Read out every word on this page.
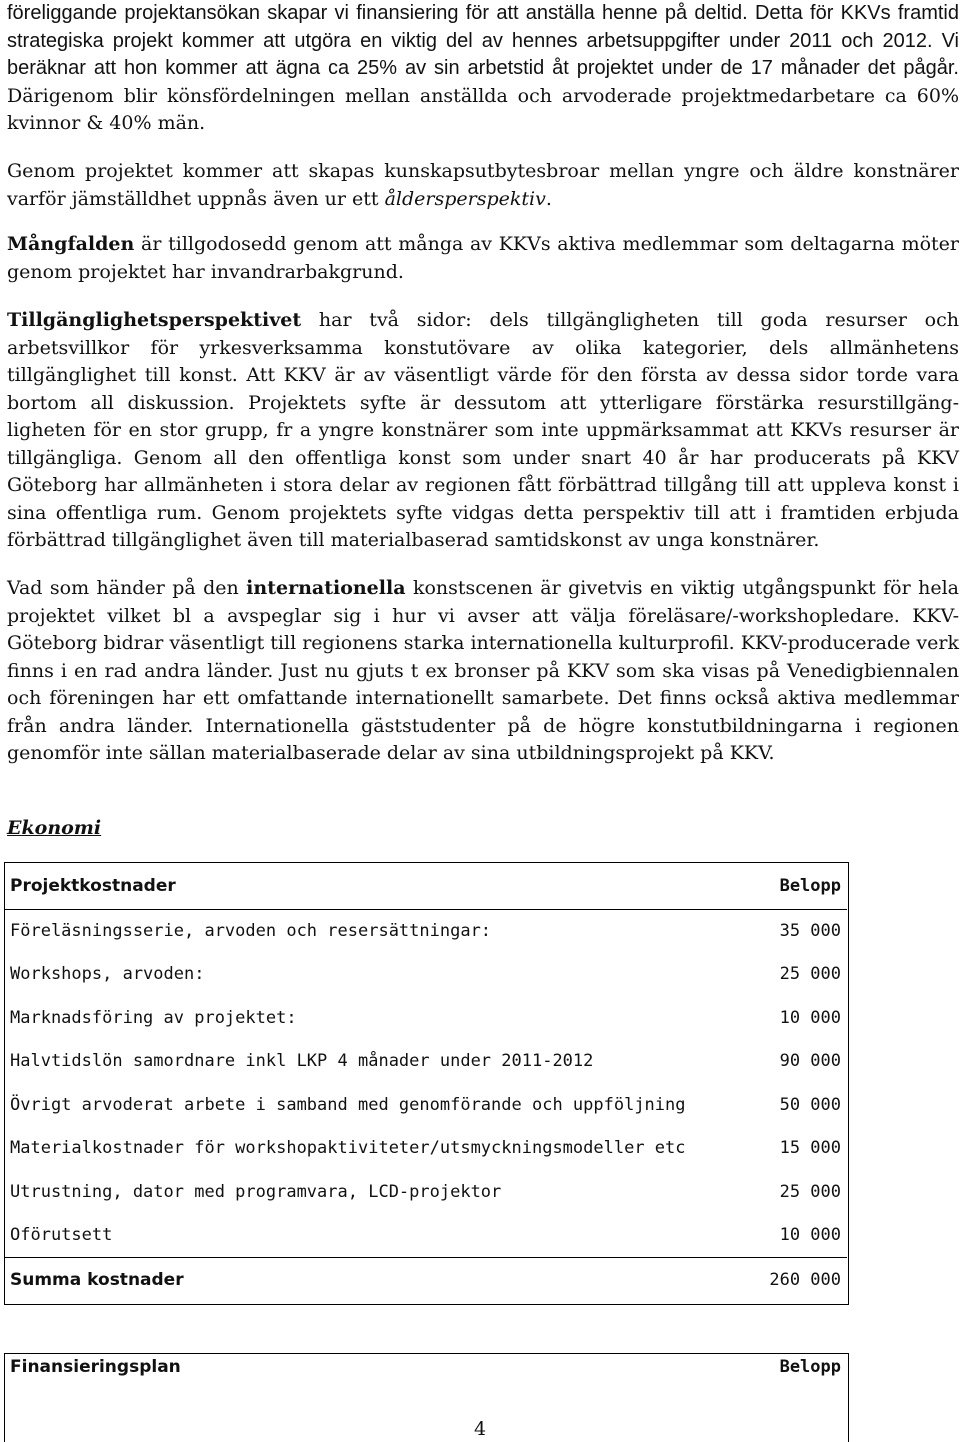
föreliggande projektansökan skapar vi finansiering för att anställa henne på deltid. Detta för KKVs framtid strategiska projekt kommer att utgöra en viktig del av hennes arbetsuppgifter under 2011 och 2012. Vi beräknar att hon kommer att ägna ca 25% av sin arbetstid åt projektet under de 17 månader det pågår. Därigenom blir könsfördelningen mellan anställda och arvoderade projektmedarbetare ca 60% kvinnor & 40% män.

Genom projektet kommer att skapas kunskapsutbytesbroar mellan yngre och äldre konstnärer varför jämställdhet uppnås även ur ett åldersperspektiv.

Mångfalden är tillgodosedd genom att många av KKVs aktiva medlemmar som deltagarna möter genom projektet har invandrarbakgrund.

Tillgänglighetsperspektivet har två sidor: dels tillgängligheten till goda resurser och arbetsvillkor för yrkesverksamma konstutövare av olika kategorier, dels allmänhetens tillgänglighet till konst. Att KKV är av väsentligt värde för den första av dessa sidor torde vara bortom all diskussion. Projektets syfte är dessutom att ytterligare förstärka resurstillgäng-ligheten för en stor grupp, fr a yngre konstnärer som inte uppmärksammat att KKVs resurser är tillgängliga. Genom all den offentliga konst som under snart 40 år har producerats på KKV Göteborg har allmänheten i stora delar av regionen fått förbättrad tillgång till att uppleva konst i sina offentliga rum. Genom projektets syfte vidgas detta perspektiv till att i framtiden erbjuda förbättrad tillgänglighet även till materialbaserad samtidskonst av unga konstnärer.

Vad som händer på den internationella konstscenen är givetvis en viktig utgångspunkt för hela projektet vilket bl a avspeglar sig i hur vi avser att välja föreläsare/-workshopledare. KKV-Göteborg bidrar väsentligt till regionens starka internationella kulturprofil. KKV-producerade verk finns i en rad andra länder. Just nu gjuts t ex bronser på KKV som ska visas på Venedigbiennalen och föreningen har ett omfattande internationellt samarbete. Det finns också aktiva medlemmar från andra länder. Internationella gäststudenter på de högre konstutbildningarna i regionen genomför inte sällan materialbaserade delar av sina utbildningsprojekt på KKV.

Ekonomi
Projektkostnader	Belopp
Föreläsningsserie, arvoden och resersättningar:	35 000
Workshops, arvoden:	25 000
Marknadsföring av projektet:	10 000
Halvtidslön samordnare inkl LKP 4 månader under 2011-2012	90 000
Övrigt arvoderat arbete i samband med genomförande och uppföljning	50 000
Materialkostnader för workshopaktiviteter/utsmyckningsmodeller etc	15 000
Utrustning, dator med programvara, LCD-projektor	25 000
Oförutsett	10 000
Summa kostnader	260 000
Finansieringsplan	Belopp
4
